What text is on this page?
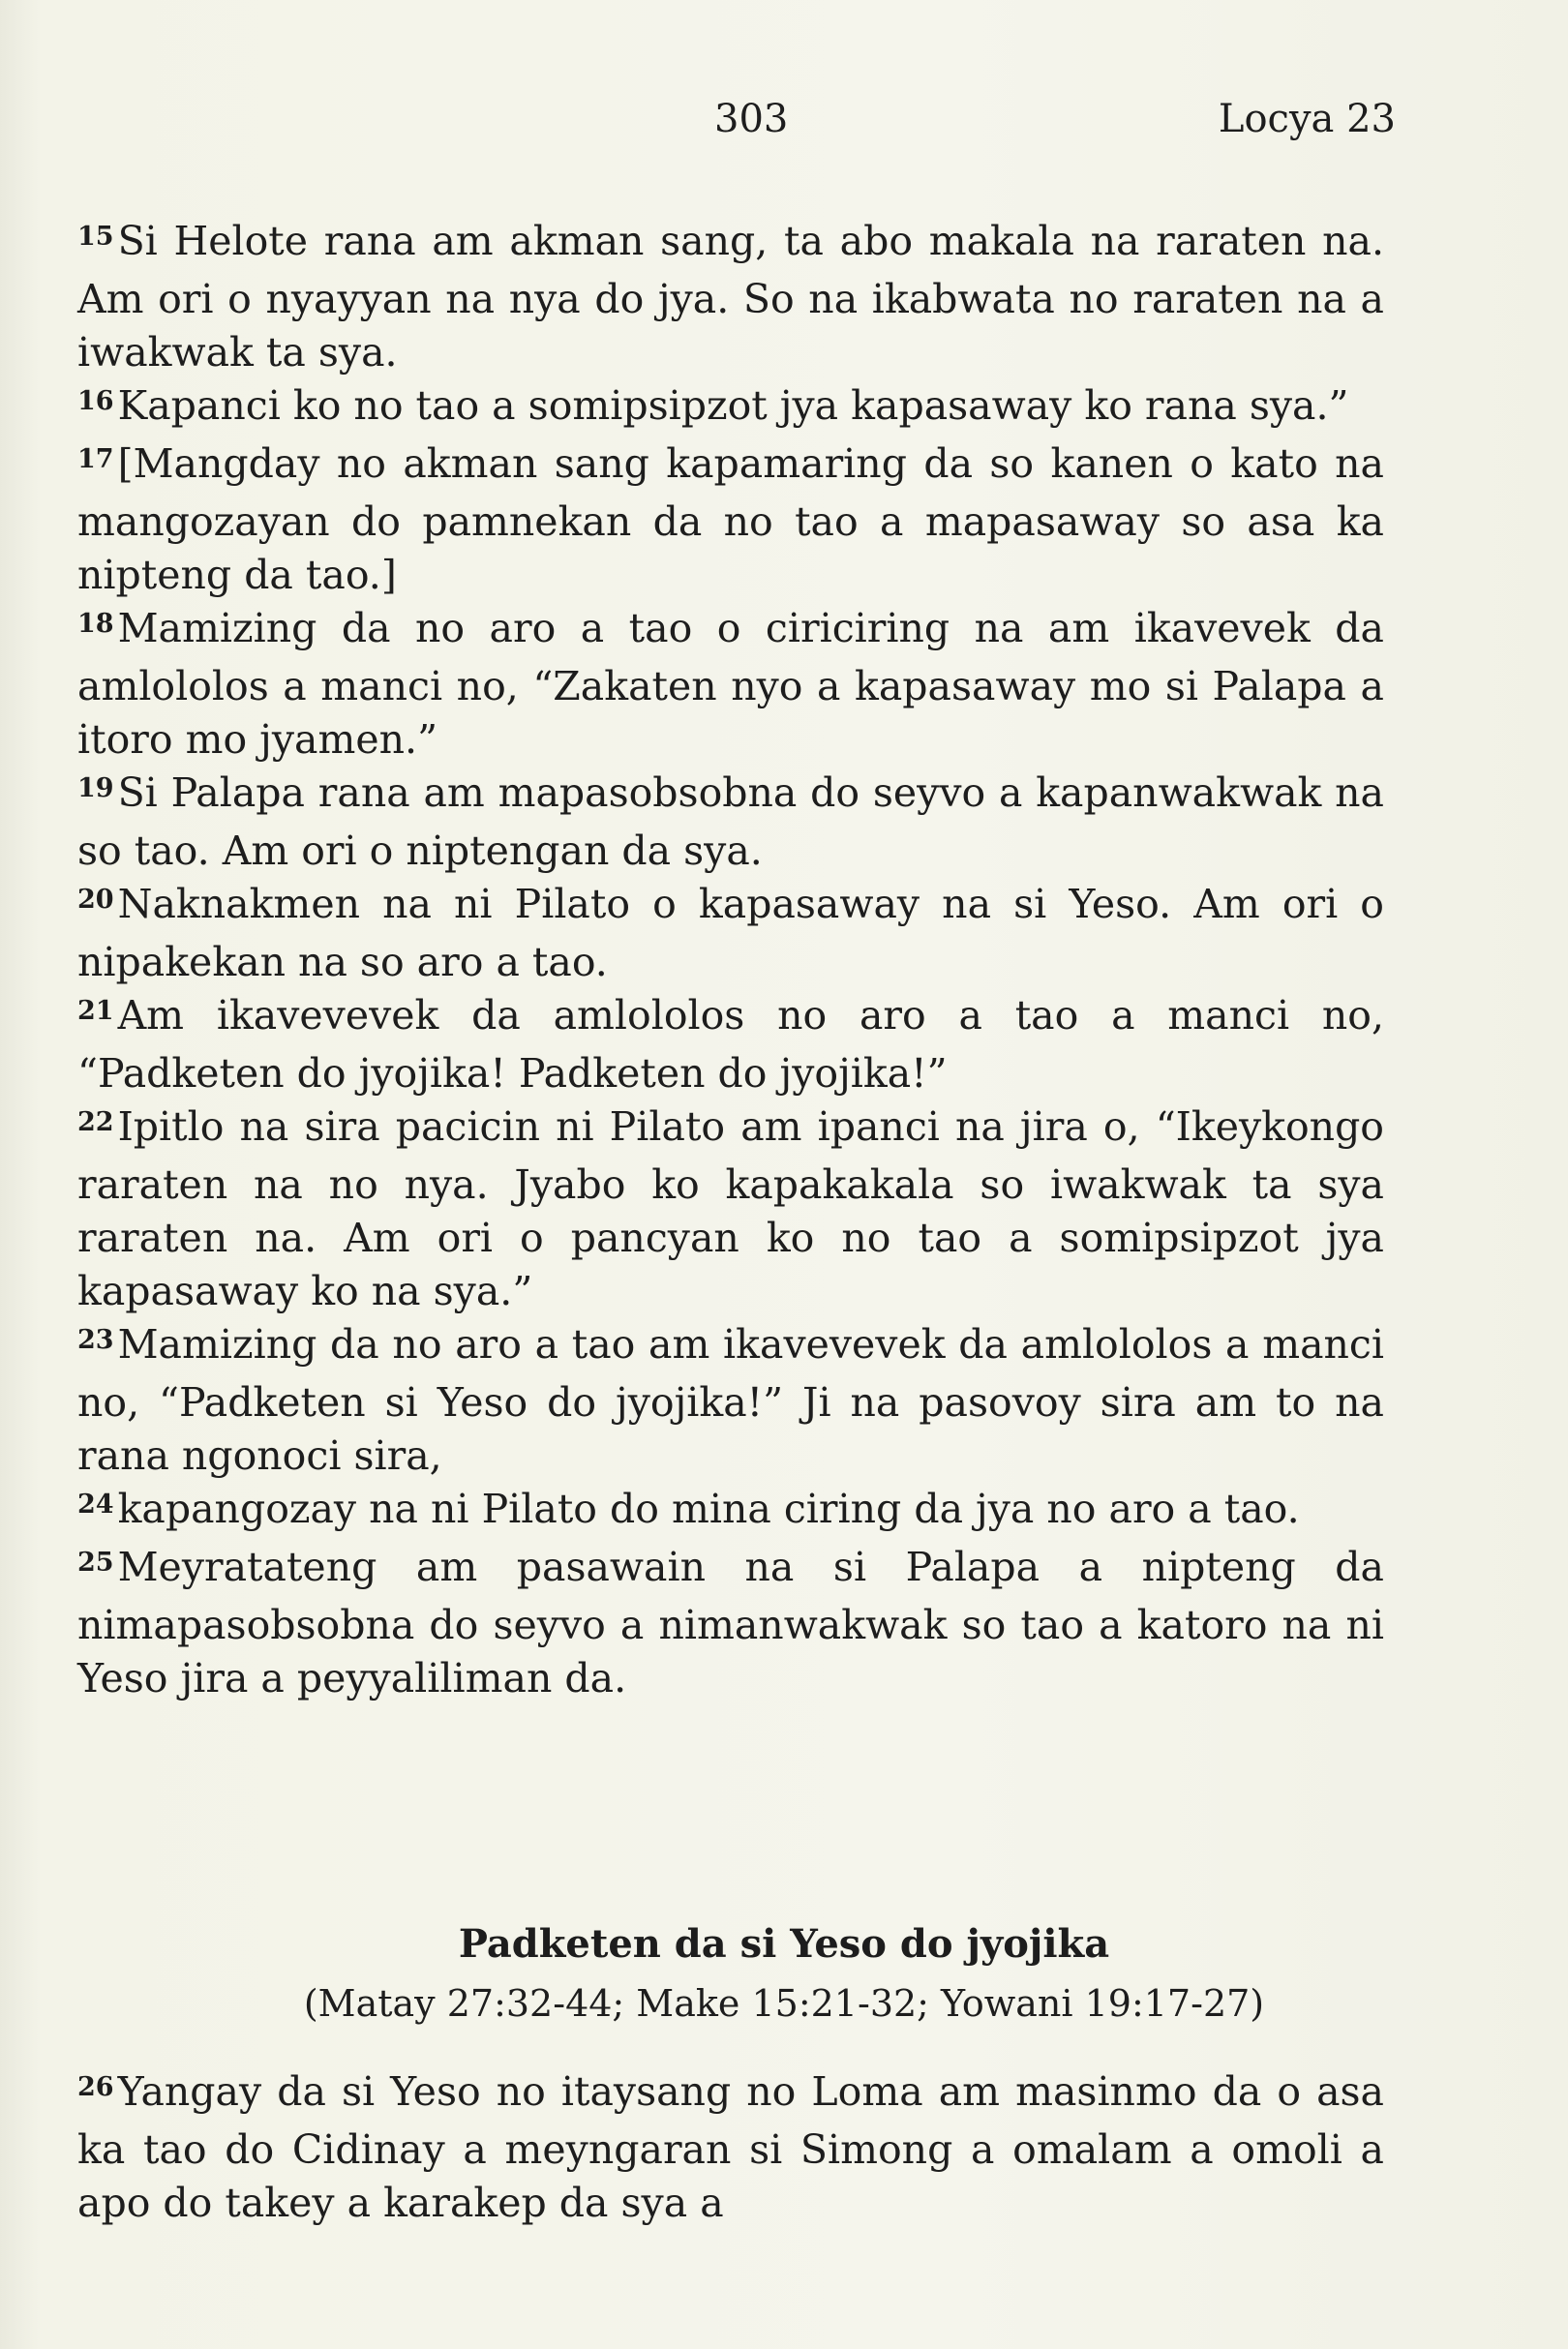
303	Locya 23

$^{15}$Si Helote rana am akman sang, ta abo makala na raraten na. Am ori o nyayyan na nya do jya. So na ikabwata no raraten na a iwakwak ta sya.

$^{16}$Kapanci ko no tao a somipsipzot jya kapasaway ko rana sya.”

$^{17}$[Mangday no akman sang kapamaring da so kanen o kato na mangozayan do pamnekan da no tao a mapasaway so asa ka nipteng da tao.]

$^{18}$Mamizing da no aro a tao o ciriciring na am ikavevek da amlololos a manci no, “Zakaten nyo a kapasaway mo si Palapa a itoro mo jyamen.”

$^{19}$Si Palapa rana am mapasobsobna do seyvo a kapanwakwak na so tao. Am ori o niptengan da sya.

$^{20}$Naknakmen na ni Pilato o kapasaway na si Yeso. Am ori o nipakekan na so aro a tao.

$^{21}$Am ikavevevek da amlololos no aro a tao a manci no, “Padketen do jyojika! Padketen do jyojika!”

$^{22}$Ipitlo na sira pacicin ni Pilato am ipanci na jira o, “Ikeykongo raraten na no nya. Jyabo ko kapakakala so iwakwak ta sya raraten na. Am ori o pancyan ko no tao a somipsipzot jya kapasaway ko na sya.”

$^{23}$Mamizing da no aro a tao am ikavevevek da amlololos a manci no, “Padketen si Yeso do jyojika!” Ji na pasovoy sira am to na rana ngonoci sira,

$^{24}$kapangozay na ni Pilato do mina ciring da jya no aro a tao.

$^{25}$Meyratateng am pasawain na si Palapa a nipteng da nimapasobsobna do seyvo a nimanwakwak so tao a katoro na ni Yeso jira a peyyaliliman da.

Padketen da si Yeso do jyojika
(Matay 27:32-44; Make 15:21-32; Yowani 19:17-27)

$^{26}$Yangay da si Yeso no itaysang no Loma am masinmo da o asa ka tao do Cidinay a meyngaran si Simong a omalam a omoli a apo do takey a karakep da sya a
